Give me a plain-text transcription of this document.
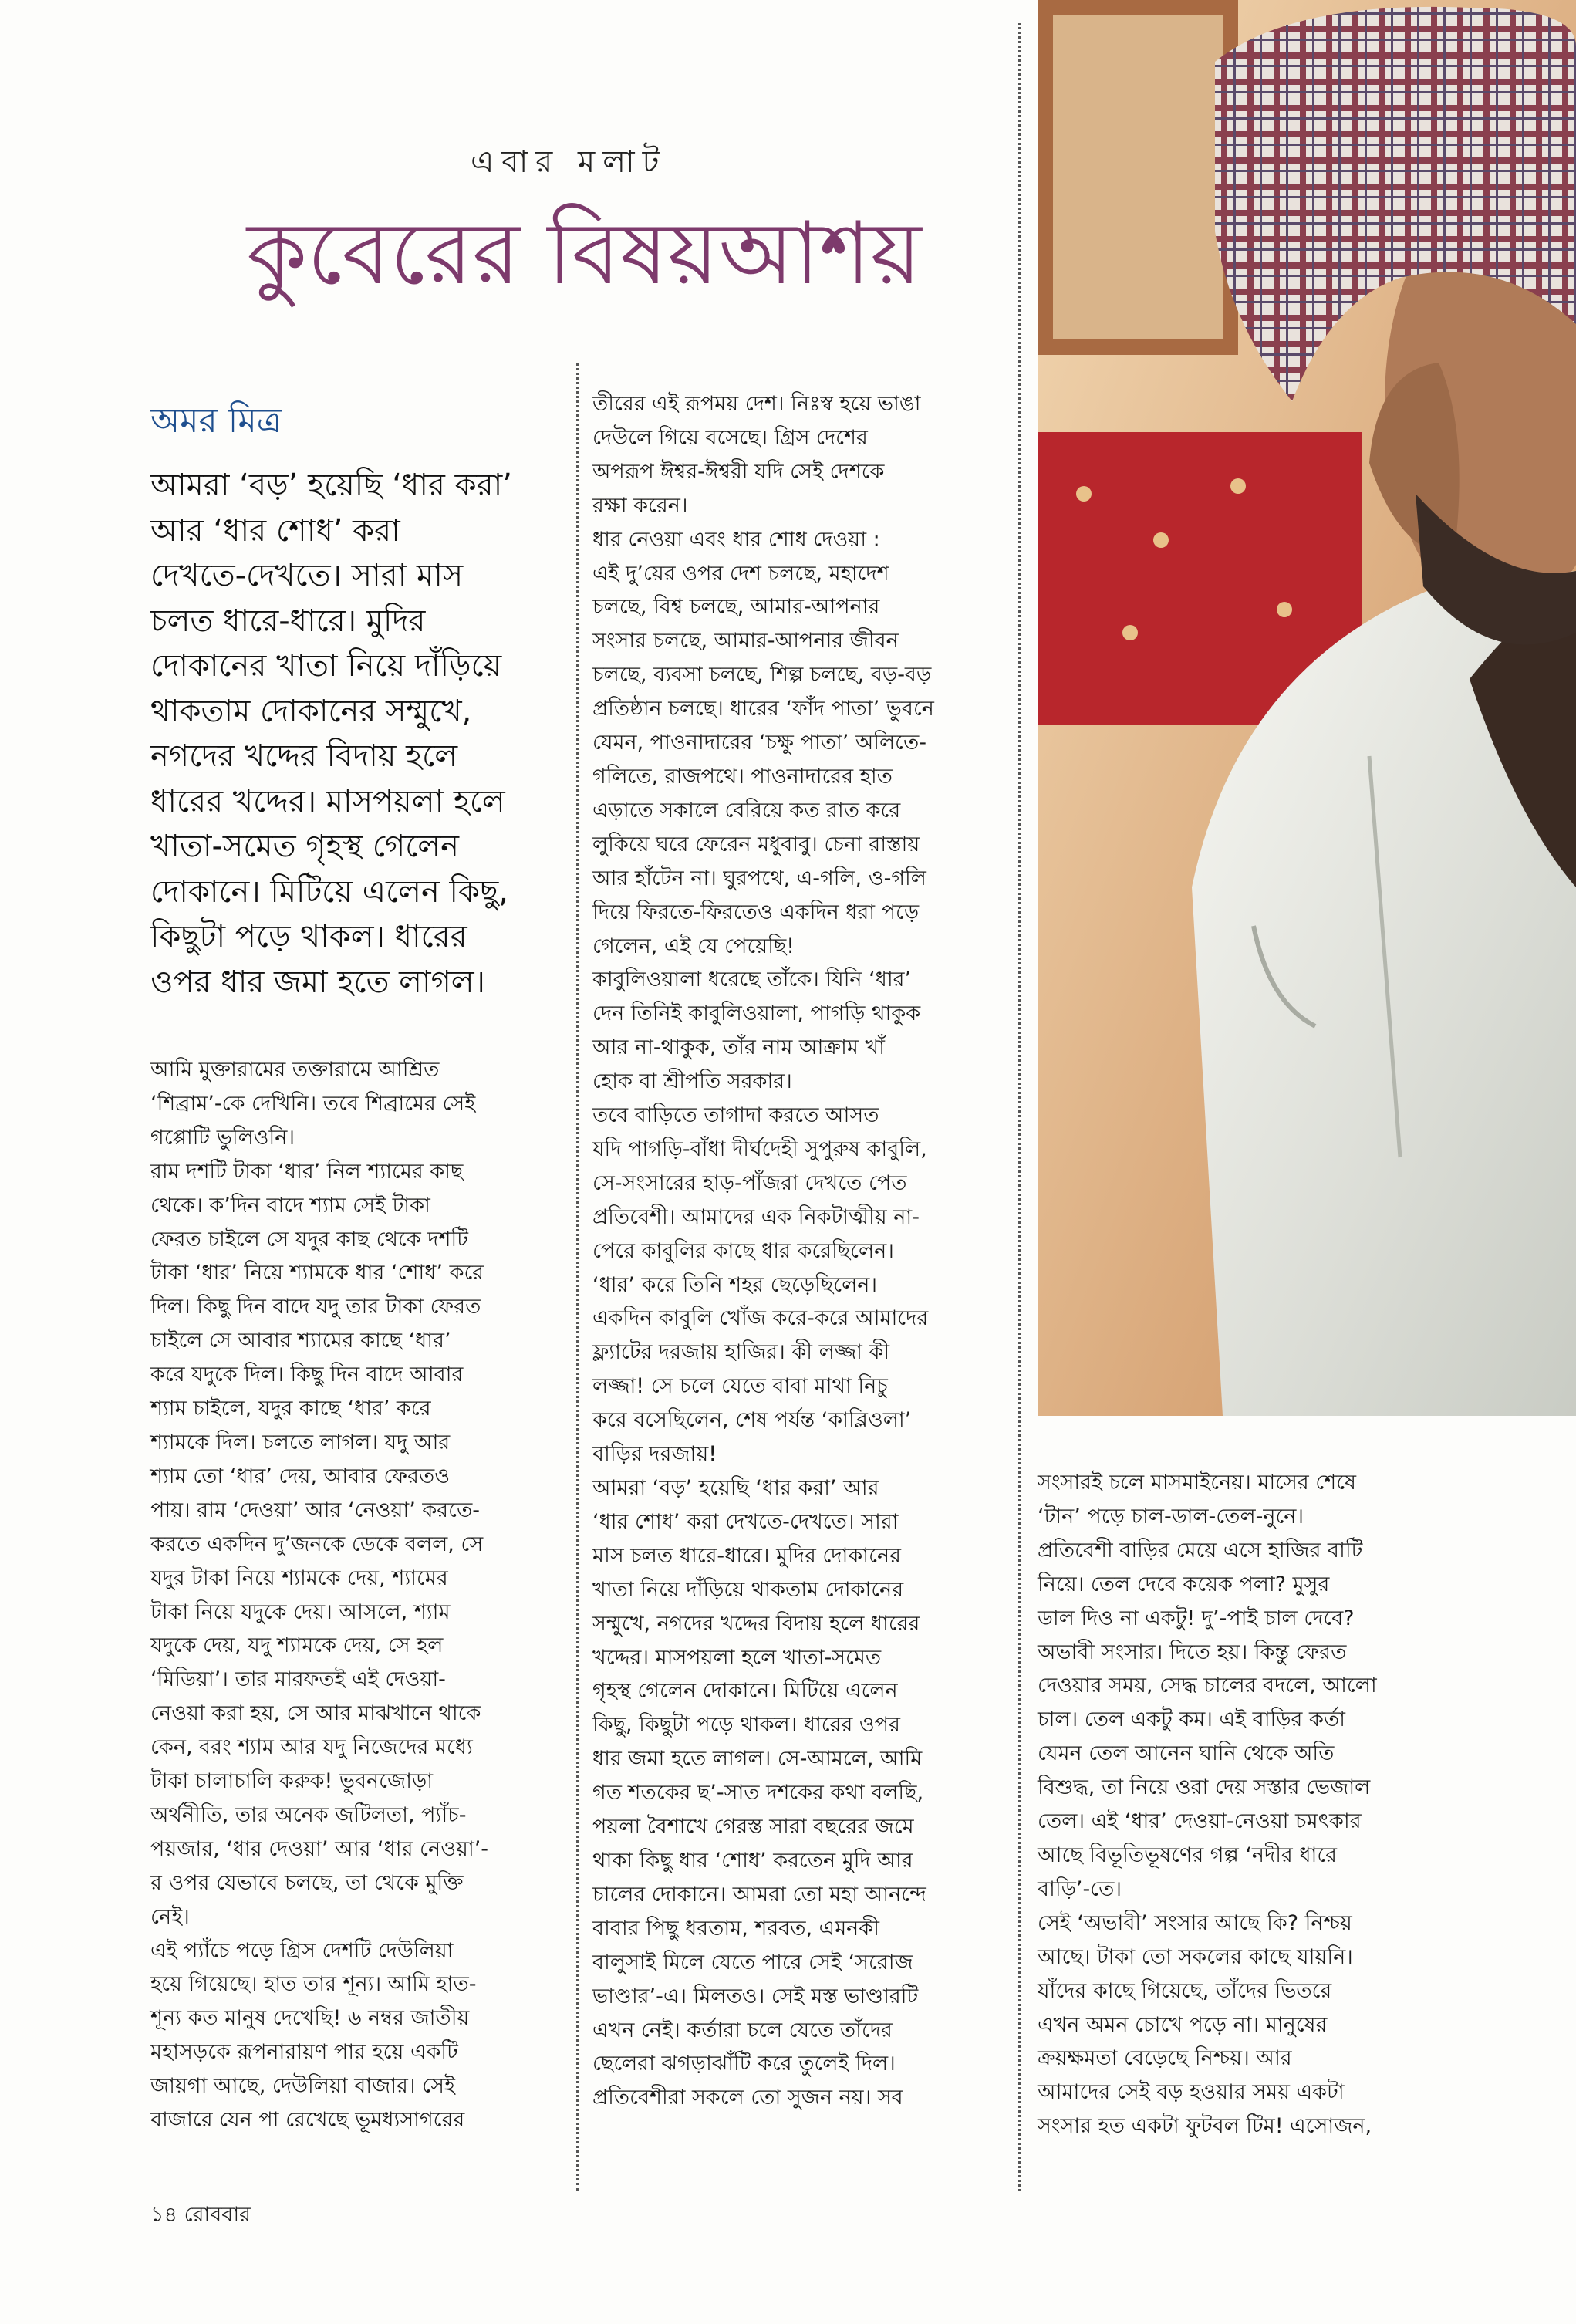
এবার মলাট
কুবেরের বিষয়আশয়
অমর মিত্র
আমরা ‘বড়’ হয়েছি ‘ধার করা’
আর ‘ধার শোধ’ করা
দেখতে-দেখতে। সারা মাস
চলত ধারে-ধারে। মুদির
দোকানের খাতা নিয়ে দাঁড়িয়ে
থাকতাম দোকানের সম্মুখে,
নগদের খদ্দের বিদায় হলে
ধারের খদ্দের। মাসপয়লা হলে
খাতা-সমেত গৃহস্থ গেলেন
দোকানে। মিটিয়ে এলেন কিছু,
কিছুটা পড়ে থাকল। ধারের
ওপর ধার জমা হতে লাগল।
আমি মুক্তারামের তক্তারামে আশ্রিত
‘শিব্রাম’-কে দেখিনি। তবে শিব্রামের সেই
গপ্পোটি ভুলিওনি।
রাম দশটি টাকা ‘ধার’ নিল শ্যামের কাছ
থেকে। ক’দিন বাদে শ্যাম সেই টাকা
ফেরত চাইলে সে যদুর কাছ থেকে দশটি
টাকা ‘ধার’ নিয়ে শ্যামকে ধার ‘শোধ’ করে
দিল। কিছু দিন বাদে যদু তার টাকা ফেরত
চাইলে সে আবার শ্যামের কাছে ‘ধার’
করে যদুকে দিল। কিছু দিন বাদে আবার
শ্যাম চাইলে, যদুর কাছে ‘ধার’ করে
শ্যামকে দিল। চলতে লাগল। যদু আর
শ্যাম তো ‘ধার’ দেয়, আবার ফেরতও
পায়। রাম ‘দেওয়া’ আর ‘নেওয়া’ করতে-
করতে একদিন দু’জনকে ডেকে বলল, সে
যদুর টাকা নিয়ে শ্যামকে দেয়, শ্যামের
টাকা নিয়ে যদুকে দেয়। আসলে, শ্যাম
যদুকে দেয়, যদু শ্যামকে দেয়, সে হল
‘মিডিয়া’। তার মারফতই এই দেওয়া-
নেওয়া করা হয়, সে আর মাঝখানে থাকে
কেন, বরং শ্যাম আর যদু নিজেদের মধ্যে
টাকা চালাচালি করুক! ভুবনজোড়া
অর্থনীতি, তার অনেক জটিলতা, প্যাঁচ-
পয়জার, ‘ধার দেওয়া’ আর ‘ধার নেওয়া’-
র ওপর যেভাবে চলছে, তা থেকে মুক্তি
নেই।
এই প্যাঁচে পড়ে গ্রিস দেশটি দেউলিয়া
হয়ে গিয়েছে। হাত তার শূন্য। আমি হাত-
শূন্য কত মানুষ দেখেছি! ৬ নম্বর জাতীয়
মহাসড়কে রূপনারায়ণ পার হয়ে একটি
জায়গা আছে, দেউলিয়া বাজার। সেই
বাজারে যেন পা রেখেছে ভূমধ্যসাগরের
তীরের এই রূপময় দেশ। নিঃস্ব হয়ে ভাঙা
দেউলে গিয়ে বসেছে। গ্রিস দেশের
অপরূপ ঈশ্বর-ঈশ্বরী যদি সেই দেশকে
রক্ষা করেন।
ধার নেওয়া এবং ধার শোধ দেওয়া :
এই দু’য়ের ওপর দেশ চলছে, মহাদেশ
চলছে, বিশ্ব চলছে, আমার-আপনার
সংসার চলছে, আমার-আপনার জীবন
চলছে, ব্যবসা চলছে, শিল্প চলছে, বড়-বড়
প্রতিষ্ঠান চলছে। ধারের ‘ফাঁদ পাতা’ ভুবনে
যেমন, পাওনাদারের ‘চক্ষু পাতা’ অলিতে-
গলিতে, রাজপথে। পাওনাদারের হাত
এড়াতে সকালে বেরিয়ে কত রাত করে
লুকিয়ে ঘরে ফেরেন মধুবাবু। চেনা রাস্তায়
আর হাঁটেন না। ঘুরপথে, এ-গলি, ও-গলি
দিয়ে ফিরতে-ফিরতেও একদিন ধরা পড়ে
গেলেন, এই যে পেয়েছি!
কাবুলিওয়ালা ধরেছে তাঁকে। যিনি ‘ধার’
দেন তিনিই কাবুলিওয়ালা, পাগড়ি থাকুক
আর না-থাকুক, তাঁর নাম আক্রাম খাঁ
হোক বা শ্রীপতি সরকার।
তবে বাড়িতে তাগাদা করতে আসত
যদি পাগড়ি-বাঁধা দীর্ঘদেহী সুপুরুষ কাবুলি,
সে-সংসারের হাড়-পাঁজরা দেখতে পেত
প্রতিবেশী। আমাদের এক নিকটাত্মীয় না-
পেরে কাবুলির কাছে ধার করেছিলেন।
‘ধার’ করে তিনি শহর ছেড়েছিলেন।
একদিন কাবুলি খোঁজ করে-করে আমাদের
ফ্ল্যাটের দরজায় হাজির। কী লজ্জা কী
লজ্জা! সে চলে যেতে বাবা মাথা নিচু
করে বসেছিলেন, শেষ পর্যন্ত ‘কাব্লিওলা’
বাড়ির দরজায়!
আমরা ‘বড়’ হয়েছি ‘ধার করা’ আর
‘ধার শোধ’ করা দেখতে-দেখতে। সারা
মাস চলত ধারে-ধারে। মুদির দোকানের
খাতা নিয়ে দাঁড়িয়ে থাকতাম দোকানের
সম্মুখে, নগদের খদ্দের বিদায় হলে ধারের
খদ্দের। মাসপয়লা হলে খাতা-সমেত
গৃহস্থ গেলেন দোকানে। মিটিয়ে এলেন
কিছু, কিছুটা পড়ে থাকল। ধারের ওপর
ধার জমা হতে লাগল। সে-আমলে, আমি
গত শতকের ছ’-সাত দশকের কথা বলছি,
পয়লা বৈশাখে গেরস্ত সারা বছরের জমে
থাকা কিছু ধার ‘শোধ’ করতেন মুদি আর
চালের দোকানে। আমরা তো মহা আনন্দে
বাবার পিছু ধরতাম, শরবত, এমনকী
বালুসাই মিলে যেতে পারে সেই ‘সরোজ
ভাণ্ডার’-এ। মিলতও। সেই মস্ত ভাণ্ডারটি
এখন নেই। কর্তারা চলে যেতে তাঁদের
ছেলেরা ঝগড়াঝাঁটি করে তুলেই দিল।
প্রতিবেশীরা সকলে তো সুজন নয়। সব
সংসারই চলে মাসমাইনেয়। মাসের শেষে
‘টান’ পড়ে চাল-ডাল-তেল-নুনে।
প্রতিবেশী বাড়ির মেয়ে এসে হাজির বাটি
নিয়ে। তেল দেবে কয়েক পলা? মুসুর
ডাল দিও না একটু! দু’-পাই চাল দেবে?
অভাবী সংসার। দিতে হয়। কিন্তু ফেরত
দেওয়ার সময়, সেদ্ধ চালের বদলে, আলো
চাল। তেল একটু কম। এই বাড়ির কর্তা
যেমন তেল আনেন ঘানি থেকে অতি
বিশুদ্ধ, তা নিয়ে ওরা দেয় সস্তার ভেজাল
তেল। এই ‘ধার’ দেওয়া-নেওয়া চমৎকার
আছে বিভূতিভূষণের গল্প ‘নদীর ধারে
বাড়ি’-তে।
সেই ‘অভাবী’ সংসার আছে কি? নিশ্চয়
আছে। টাকা তো সকলের কাছে যায়নি।
যাঁদের কাছে গিয়েছে, তাঁদের ভিতরে
এখন অমন চোখে পড়ে না। মানুষের
ক্রয়ক্ষমতা বেড়েছে নিশ্চয়। আর
আমাদের সেই বড় হওয়ার সময় একটা
সংসার হত একটা ফুটবল টিম! এসোজন,
১৪ রোববার
